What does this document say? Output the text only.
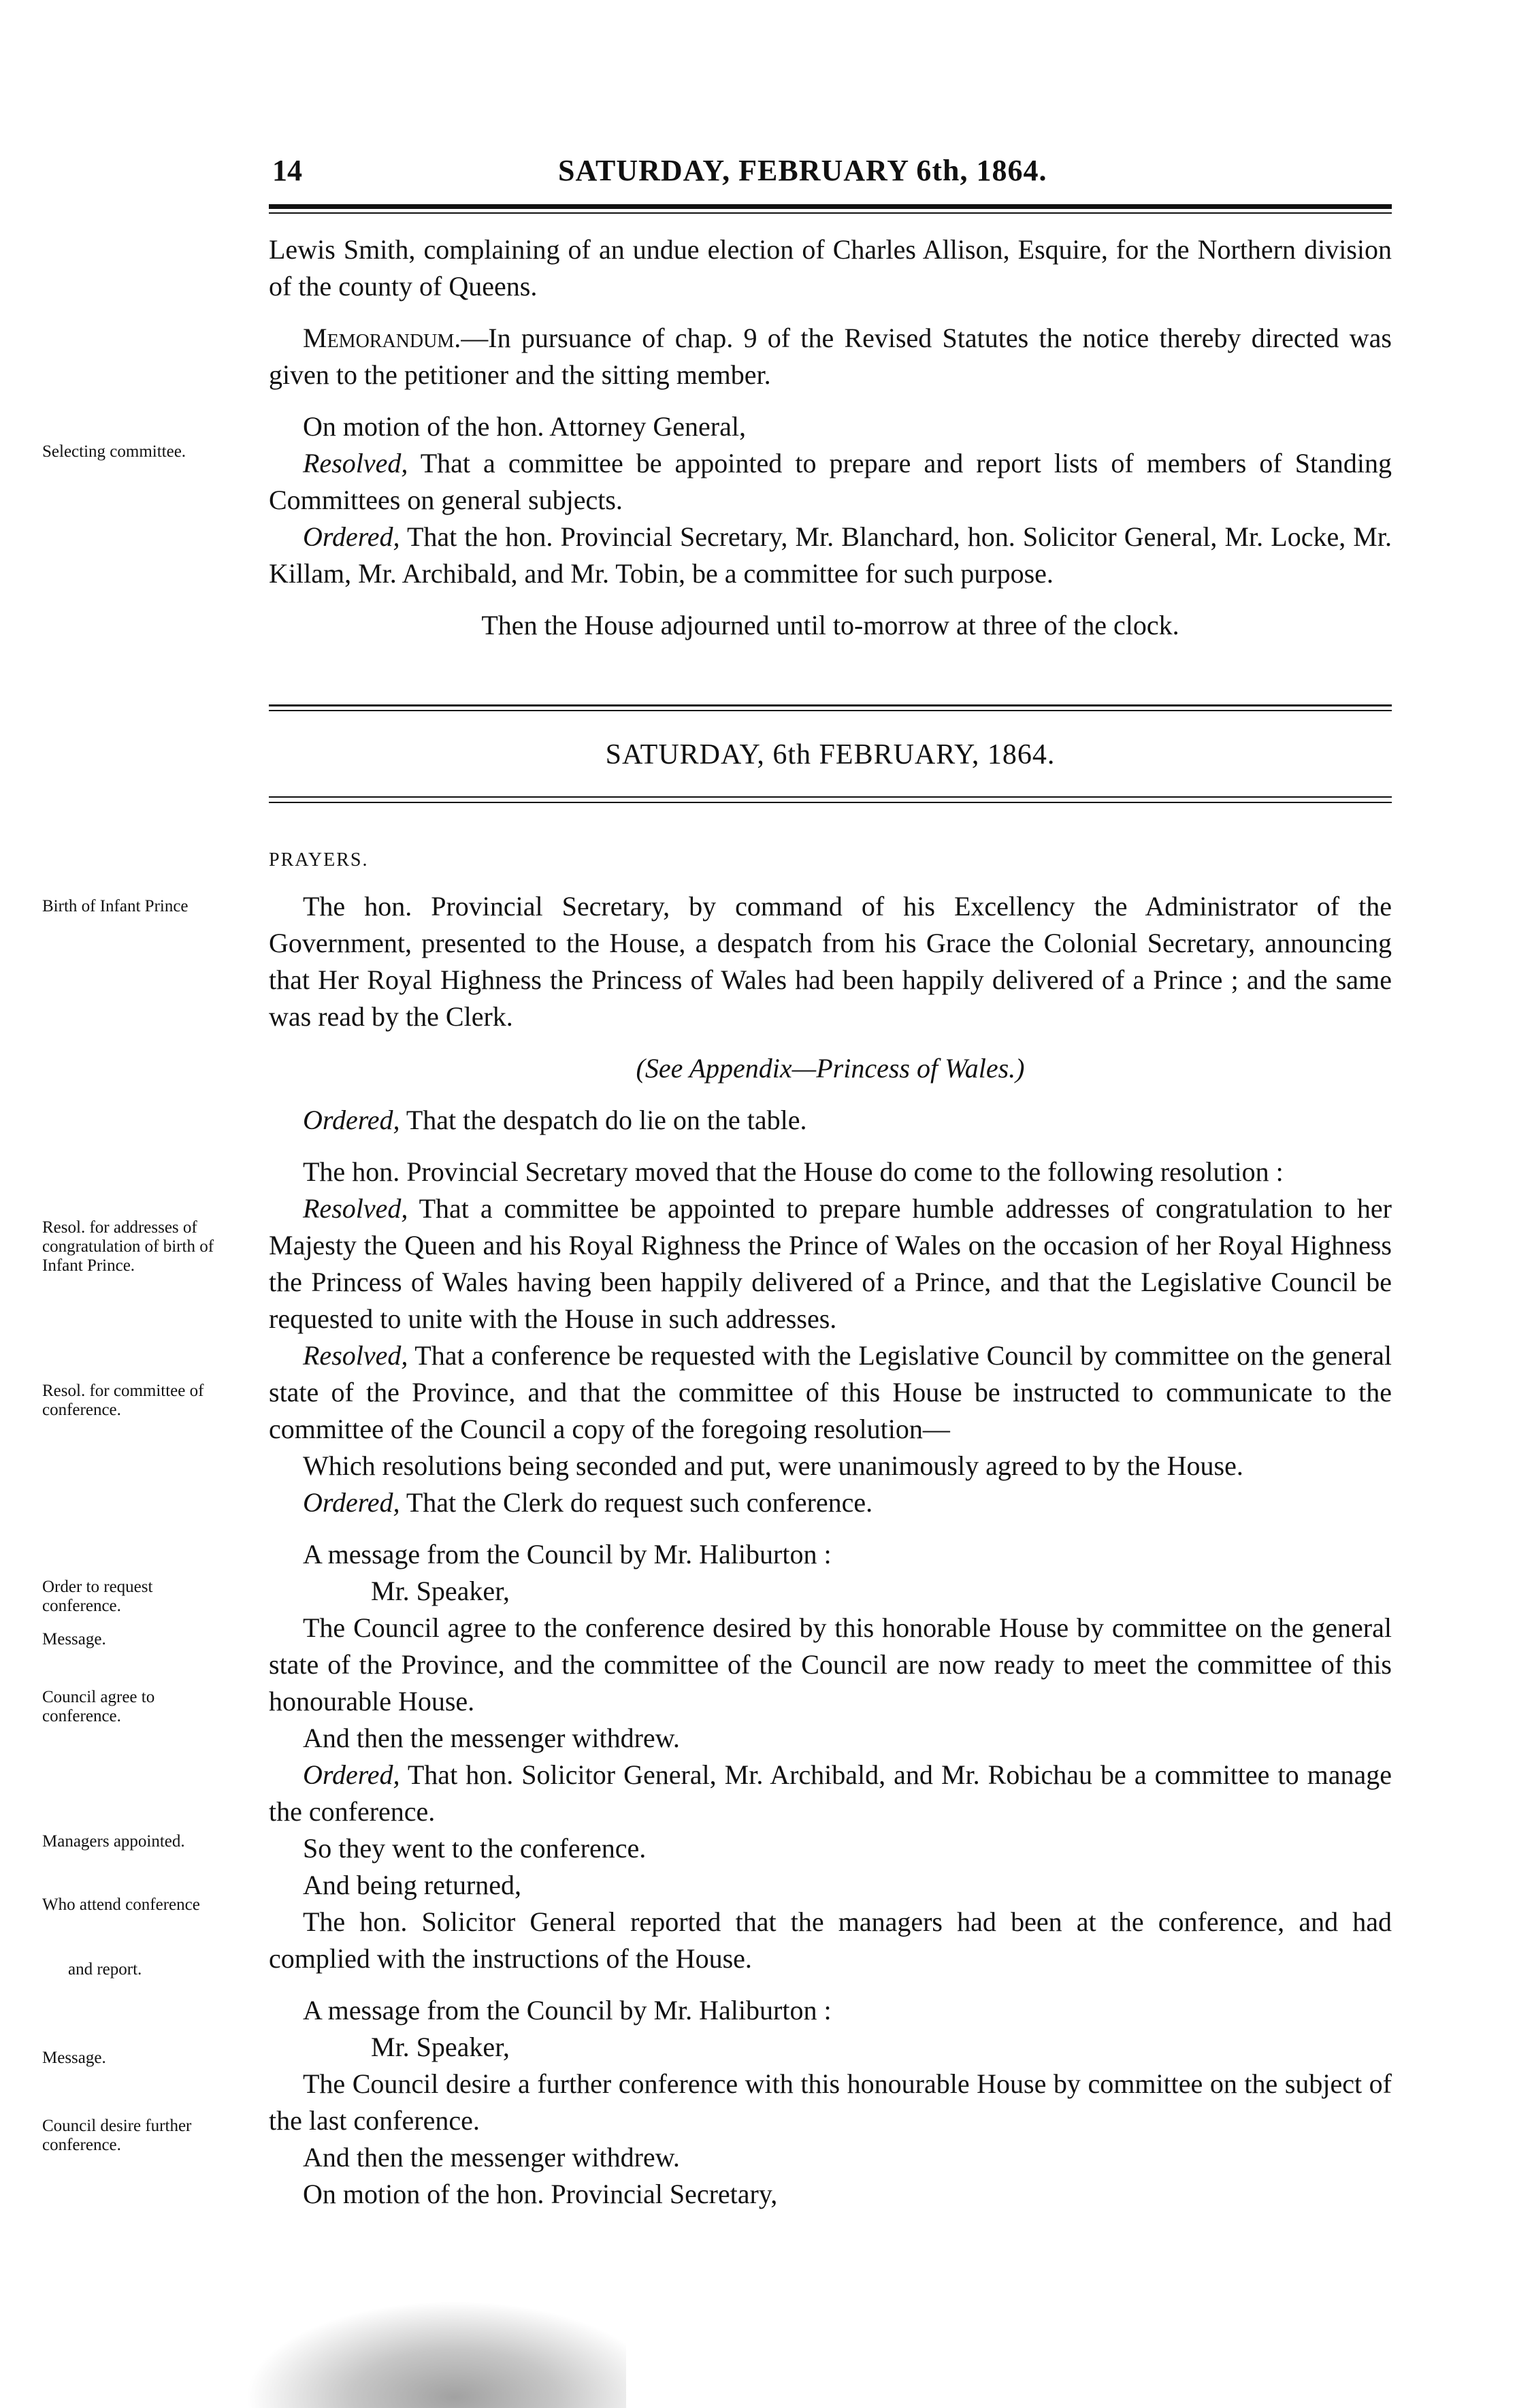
14	SATURDAY, FEBRUARY 6th, 1864.

Lewis Smith, complaining of an undue election of Charles Allison, Esquire, for the Northern division of the county of Queens.

Memorandum.—In pursuance of chap. 9 of the Revised Statutes the notice thereby directed was given to the petitioner and the sitting member.

On motion of the hon. Attorney General,

Resolved, That a committee be appointed to prepare and report lists of members of Standing Committees on general subjects.

Ordered, That the hon. Provincial Secretary, Mr. Blanchard, hon. Solicitor General, Mr. Locke, Mr. Killam, Mr. Archibald, and Mr. Tobin, be a committee for such purpose.

Then the House adjourned until to-morrow at three of the clock.

SATURDAY, 6th FEBRUARY, 1864.
PRAYERS.

The hon. Provincial Secretary, by command of his Excellency the Administrator of the Government, presented to the House, a despatch from his Grace the Colonial Secretary, announcing that Her Royal Highness the Princess of Wales had been happily delivered of a Prince ; and the same was read by the Clerk.

(See Appendix—Princess of Wales.)

Ordered, That the despatch do lie on the table.

The hon. Provincial Secretary moved that the House do come to the following resolution :

Resolved, That a committee be appointed to prepare humble addresses of congratulation to her Majesty the Queen and his Royal Righness the Prince of Wales on the occasion of her Royal Highness the Princess of Wales having been happily delivered of a Prince, and that the Legislative Council be requested to unite with the House in such addresses.

Resolved, That a conference be requested with the Legislative Council by committee on the general state of the Province, and that the committee of this House be instructed to communicate to the committee of the Council a copy of the foregoing resolution—

Which resolutions being seconded and put, were unanimously agreed to by the House.

Ordered, That the Clerk do request such conference.

A message from the Council by Mr. Haliburton :

Mr. Speaker,

The Council agree to the conference desired by this honorable House by committee on the general state of the Province, and the committee of the Council are now ready to meet the committee of this honourable House.

And then the messenger withdrew.

Ordered, That hon. Solicitor General, Mr. Archibald, and Mr. Robichau be a committee to manage the conference.

So they went to the conference.

And being returned,

The hon. Solicitor General reported that the managers had been at the conference, and had complied with the instructions of the House.

A message from the Council by Mr. Haliburton :

Mr. Speaker,

The Council desire a further conference with this honourable House by committee on the subject of the last conference.

And then the messenger withdrew.

On motion of the hon. Provincial Secretary,

Selecting committee.
Birth of Infant Prince
Resol. for addresses of congratulation of birth of Infant Prince.
Resol. for committee of conference.
Order to request conference.
Message.
Council agree to conference.
Managers appointed.
Who attend conference
and report.
Message.
Council desire further conference.
